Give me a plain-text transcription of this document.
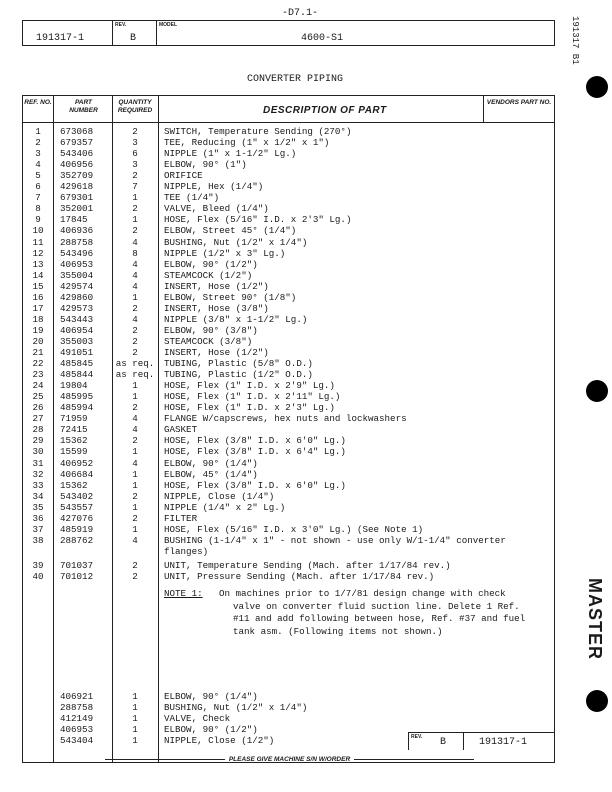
-D7.1-
REV.	MODEL
191317-1	B	4600-S1
CONVERTER PIPING
REF. NO.	PART NUMBER
QUANTITY REQUIRED	DESCRIPTION OF PART
VENDORS PART NO.
1	673068	2	SWITCH, Temperature Sending (270°)
2	679357	3	TEE, Reducing (1" x 1/2" x 1")
3	543406	6	NIPPLE (1" x 1-1/2" Lg.)
4	406956	3	ELBOW, 90° (1")
5	352709	2	ORIFICE
6	429618	7	NIPPLE, Hex (1/4")
7	679301	1	TEE (1/4")
8	352001	2	VALVE, Bleed (1/4")
9	17845	1	HOSE, Flex (5/16" I.D. x 2'3" Lg.)
10	406936	2	ELBOW, Street 45° (1/4")
11	288758	4	BUSHING, Nut (1/2" x 1/4")
12	543496	8	NIPPLE (1/2" x 3" Lg.)
13	406953	4	ELBOW, 90° (1/2")
14	355004	4	STEAMCOCK (1/2")
15	429574	4	INSERT, Hose (1/2")
16	429860	1	ELBOW, Street 90° (1/8")
17	429573	2	INSERT, Hose (3/8")
18	543443	4	NIPPLE (3/8" x 1-1/2" Lg.)
19	406954	2	ELBOW, 90° (3/8")
20	355003	2	STEAMCOCK (3/8")
21	491051	2	INSERT, Hose (1/2")
22	485845	as req.	TUBING, Plastic (5/8" O.D.)
23	485844	as req.	TUBING, Plastic (1/2" O.D.)
24	19804	1	HOSE, Flex (1" I.D. x 2'9" Lg.)
25	485995	1	HOSE, Flex (1" I.D. x 2'11" Lg.)
26	485994	2	HOSE, Flex (1" I.D. x 2'3" Lg.)
27	71959	4	FLANGE W/capscrews, hex nuts and lockwashers
28	72415	4	GASKET
29	15362	2	HOSE, Flex (3/8" I.D. x 6'0" Lg.)
30	15599	1	HOSE, Flex (3/8" I.D. x 6'4" Lg.)
31	406952	4	ELBOW, 90° (1/4")
32	406684	1	ELBOW, 45° (1/4")
33	15362	1	HOSE, Flex (3/8" I.D. x 6'0" Lg.)
34	543402	2	NIPPLE, Close (1/4")
35	543557	1	NIPPLE (1/4" x 2" Lg.)
36	427076	2	FILTER
37	485919	1	HOSE, Flex (5/16" I.D. x 3'0" Lg.) (See Note 1)
38	288762	4	BUSHING (1-1/4" x 1" - not shown - use only W/1-1/4" converter
flanges)
39	701037	2	UNIT, Temperature Sending (Mach. after 1/17/84 rev.)
40	701012	2	UNIT, Pressure Sending (Mach. after 1/17/84 rev.)
NOTE 1: On machines prior to 1/7/81 design change with check
valve on converter fluid suction line. Delete 1 Ref.
#11 and add following between hose, Ref. #37 and fuel
tank asm. (Following items not shown.)
406921	1	ELBOW, 90° (1/4")
288758	1	BUSHING, Nut (1/2" x 1/4")
412149	1	VALVE, Check
406953	1	ELBOW, 90° (1/2")
543404	1	NIPPLE, Close (1/2")	REV. B	191317-1
PLEASE GIVE MACHINE S/N W/ORDER
191317 B1
MASTER
